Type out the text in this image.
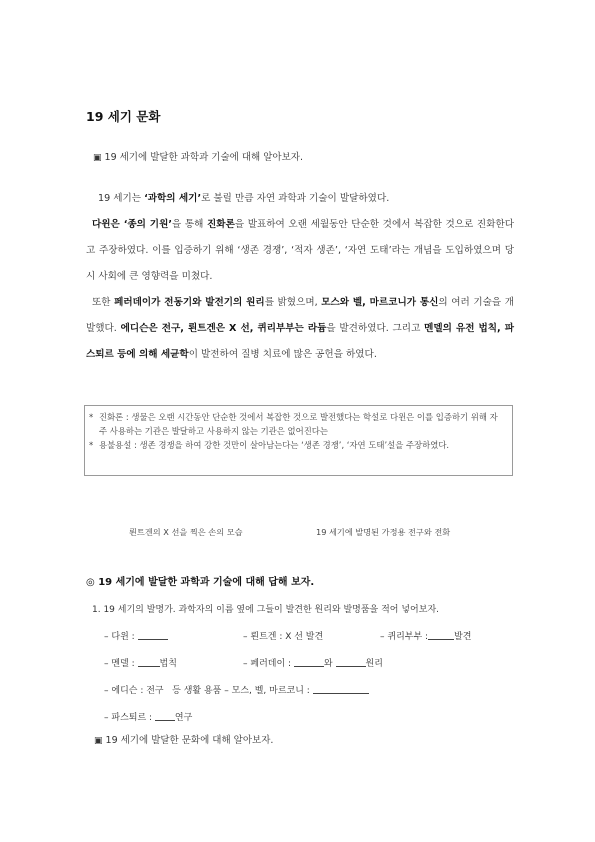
19 세기 문화
▣ 19 세기에 발달한 과학과 기술에 대해 알아보자.

19 세기는 ‘과학의 세기’로 불릴 만큼 자연 과학과 기술이 발달하였다.

다윈은 ‘종의 기원’을 통해 진화론을 발표하여 오랜 세월동안 단순한 것에서 복잡한 것으로 진화한다고 주장하였다. 이를 입증하기 위해 ‘생존 경쟁’, ‘적자 생존’, ‘자연 도태’라는 개념을 도입하였으며 당시 사회에 큰 영향력을 미쳤다.

또한 페러데이가 전동기와 발전기의 원리를 밝혔으며, 모스와 벨, 마르코니가 통신의 여러 기술을 개발했다. 에디슨은 전구, 뢴트겐은 X 선, 퀴리부부는 라듐을 발견하였다. 그리고 멘델의 유전 법칙, 파스퇴르 등에 의해 세균학이 발전하여 질병 치료에 많은 공헌을 하였다.

* 진화론 : 생물은 오랜 시간동안 단순한 것에서 복잡한 것으로 발전했다는 학설로 다윈은 이를 입증하기 위해 자주 사용하는 기관은 발달하고 사용하지 않는 기관은 없어진다는
* 용불용설 : 생존 경쟁을 하여 강한 것만이 살아남는다는 ‘생존 경쟁’, ‘자연 도태’설을 주장하였다.
뢴트겐의 X 선을 찍은 손의 모습	19 세기에 발명된 가정용 전구와 전화
◎ 19 세기에 발달한 과학과 기술에 대해 답해 보자.
1. 19 세기의 발명가. 과학자의 이름 옆에 그들이 발견한 원리와 발명품을 적어 넣어보자.
– 다윈 :	– 뢴트겐 : X 선 발견	– 퀴리부부 :	발견
– 멘델 :	법칙	– 페러데이 :	와	원리
– 에디슨 : 전구   등 생활 용품 – 모스, 벨, 마르코니 :
– 파스퇴르 :	연구
▣ 19 세기에 발달한 문화에 대해 알아보자.
